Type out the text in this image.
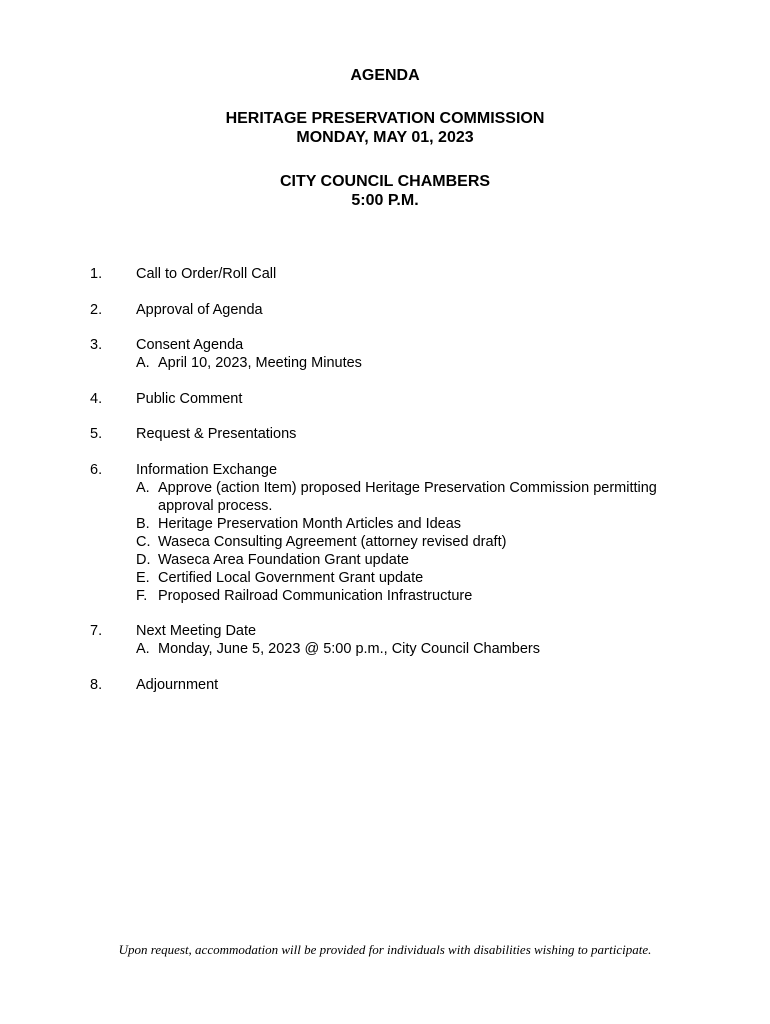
AGENDA
HERITAGE PRESERVATION COMMISSION
MONDAY, MAY 01, 2023
CITY COUNCIL CHAMBERS
5:00 P.M.
1. Call to Order/Roll Call
2. Approval of Agenda
3. Consent Agenda
A. April 10, 2023, Meeting Minutes
4. Public Comment
5. Request & Presentations
6. Information Exchange
A. Approve (action Item) proposed Heritage Preservation Commission permitting approval process.
B. Heritage Preservation Month Articles and Ideas
C. Waseca Consulting Agreement (attorney revised draft)
D. Waseca Area Foundation Grant update
E. Certified Local Government Grant update
F. Proposed Railroad Communication Infrastructure
7. Next Meeting Date
A. Monday, June 5, 2023 @ 5:00 p.m., City Council Chambers
8. Adjournment
Upon request, accommodation will be provided for individuals with disabilities wishing to participate.
